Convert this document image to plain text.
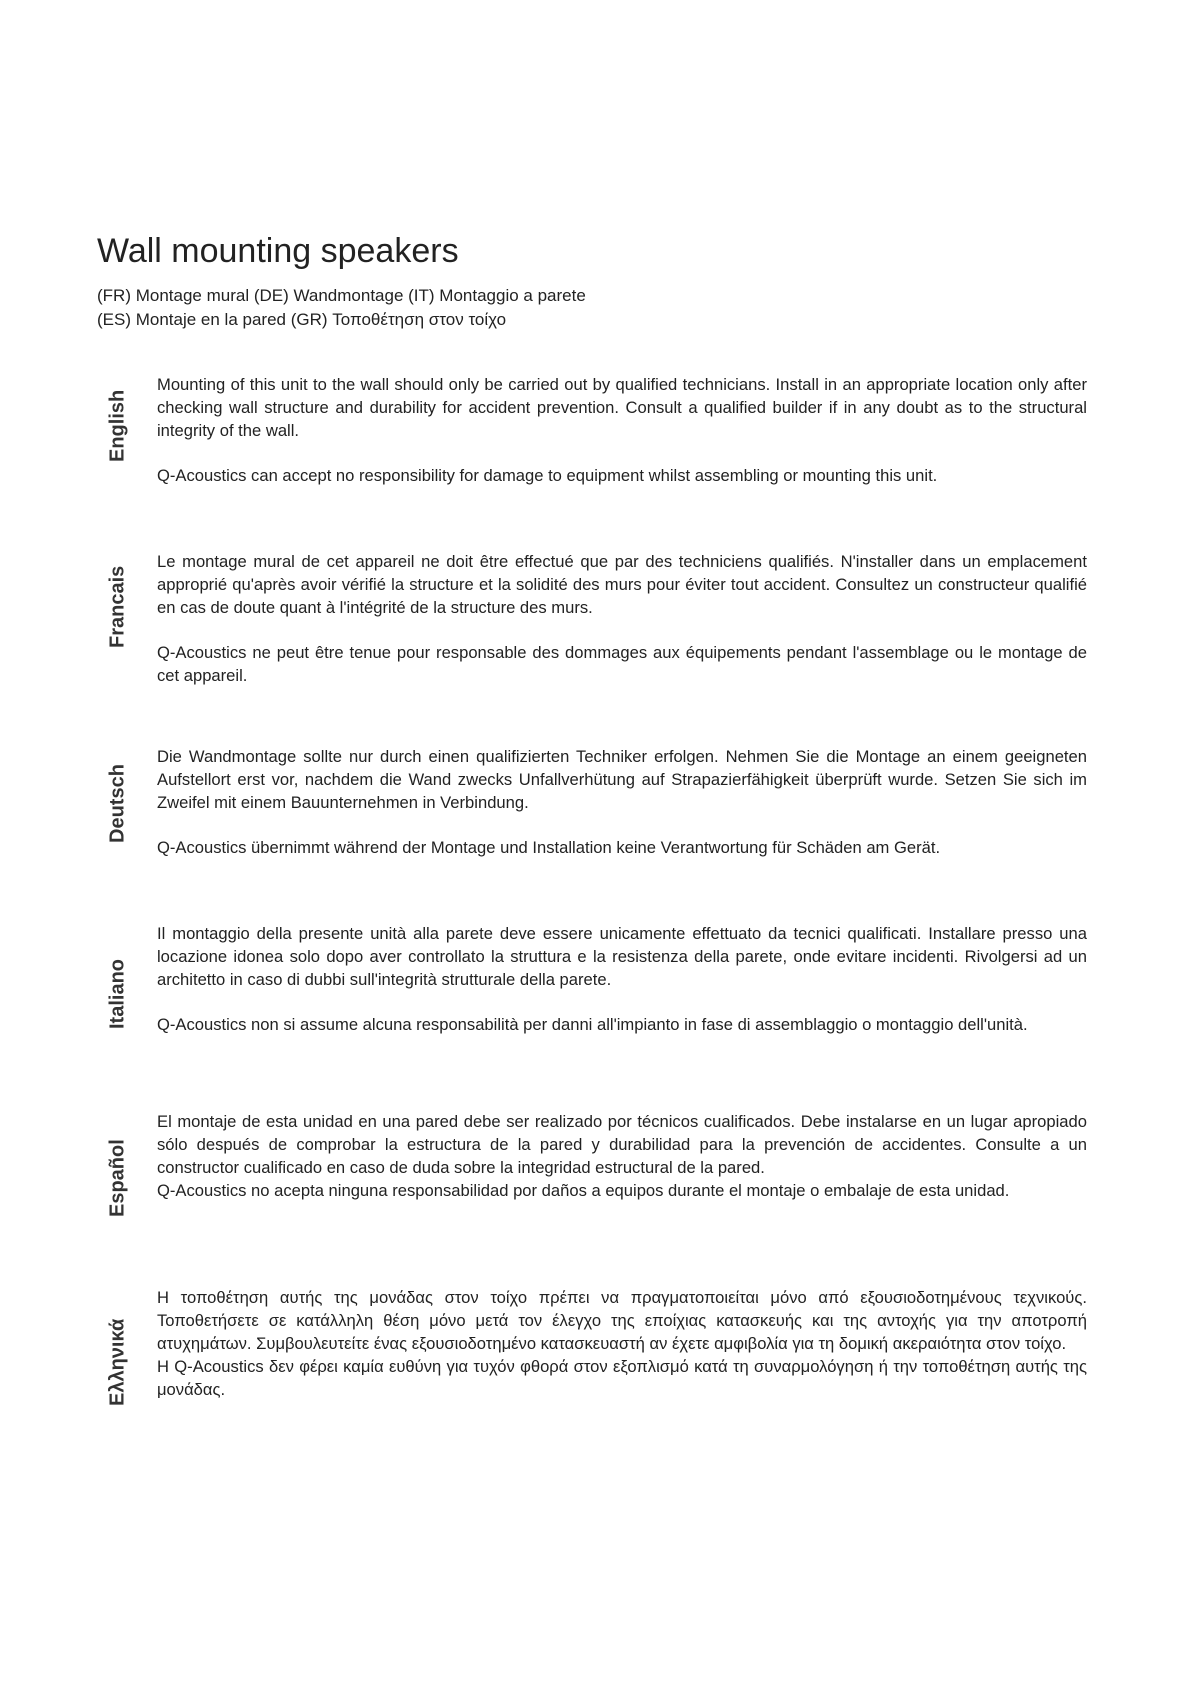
Wall mounting speakers
(FR) Montage mural (DE) Wandmontage (IT) Montaggio a parete
(ES) Montaje en la pared (GR) Τοποθέτηση στον τοίχο
English

Mounting of this unit to the wall should only be carried out by qualified technicians. Install in an appropriate location only after checking wall structure and durability for accident prevention. Consult a qualified builder if in any doubt as to the structural integrity of the wall.

Q-Acoustics can accept no responsibility for damage to equipment whilst assembling or mounting this unit.

Francais

Le montage mural de cet appareil ne doit être effectué que par des techniciens qualifiés. N'installer dans un emplacement approprié qu'après avoir vérifié la structure et la solidité des murs pour éviter tout accident. Consultez un constructeur qualifié en cas de doute quant à l'intégrité de la structure des murs.

Q-Acoustics ne peut être tenue pour responsable des dommages aux équipements pendant l'assemblage ou le montage de cet appareil.

Deutsch

Die Wandmontage sollte nur durch einen qualifizierten Techniker erfolgen. Nehmen Sie die Montage an einem geeigneten Aufstellort erst vor, nachdem die Wand zwecks Unfallverhütung auf Strapazierfähigkeit überprüft wurde. Setzen Sie sich im Zweifel mit einem Bauunternehmen in Verbindung.

Q-Acoustics übernimmt während der Montage und Installation keine Verantwortung für Schäden am Gerät.

Italiano

Il montaggio della presente unità alla parete deve essere unicamente effettuato da tecnici qualificati. Installare presso una locazione idonea solo dopo aver controllato la struttura e la resistenza della parete, onde evitare incidenti. Rivolgersi ad un architetto in caso di dubbi sull'integrità strutturale della parete.

Q-Acoustics non si assume alcuna responsabilità per danni all'impianto in fase di assemblaggio o montaggio dell'unità.

Español

El montaje de esta unidad en una pared debe ser realizado por técnicos cualificados. Debe instalarse en un lugar apropiado sólo después de comprobar la estructura de la pared y durabilidad para la prevención de accidentes. Consulte a un constructor cualificado en caso de duda sobre la integridad estructural de la pared.

Q-Acoustics no acepta ninguna responsabilidad por daños a equipos durante el montaje o embalaje de esta unidad.

Ελληνικά

Η τοποθέτηση αυτής της μονάδας στον τοίχο πρέπει να πραγματοποιείται μόνο από εξουσιοδοτημένους τεχνικούς. Τοποθετήσετε σε κατάλληλη θέση μόνο μετά τον έλεγχο της εποίχιας κατασκευής και της αντοχής για την αποτροπή ατυχημάτων. Συμβουλευτείτε ένας εξουσιοδοτημένο κατασκευαστή αν έχετε αμφιβολία για τη δομική ακεραιότητα στον τοίχο.

Η Q-Acoustics δεν φέρει καμία ευθύνη για τυχόν φθορά στον εξοπλισμό κατά τη συναρμολόγηση ή την τοποθέτηση αυτής της μονάδας.
